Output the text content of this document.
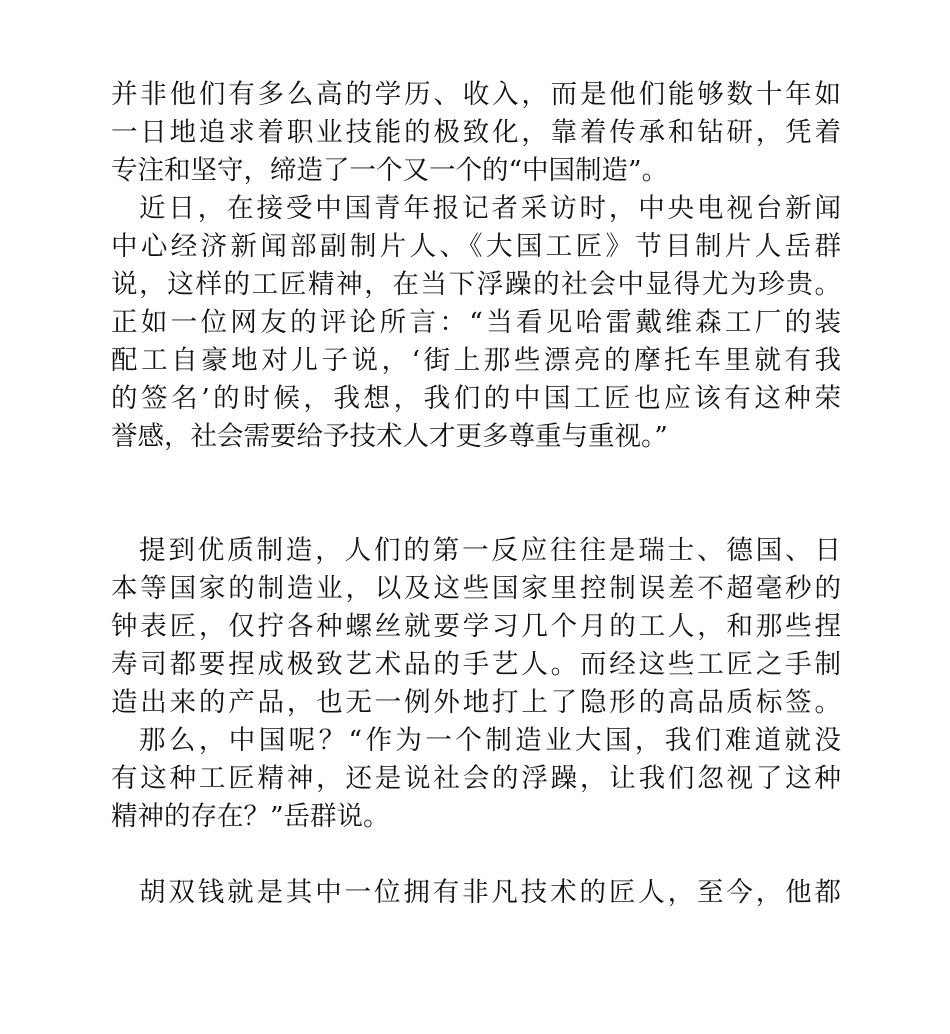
并非他们有多么高的学历、收入，而是他们能够数十年如
一日地追求着职业技能的极致化，靠着传承和钻研，凭着
专注和坚守，缔造了一个又一个的“中国制造”。
近日，在接受中国青年报记者采访时，中央电视台新闻
中心经济新闻部副制片人、《大国工匠》节目制片人岳群
说，这样的工匠精神，在当下浮躁的社会中显得尤为珍贵。
正如一位网友的评论所言：“当看见哈雷戴维森工厂的装
配工自豪地对儿子说，‘街上那些漂亮的摩托车里就有我
的签名’的时候，我想，我们的中国工匠也应该有这种荣
誉感，社会需要给予技术人才更多尊重与重视。”
提到优质制造，人们的第一反应往往是瑞士、德国、日
本等国家的制造业，以及这些国家里控制误差不超毫秒的
钟表匠，仅拧各种螺丝就要学习几个月的工人，和那些捏
寿司都要捏成极致艺术品的手艺人。而经这些工匠之手制
造出来的产品，也无一例外地打上了隐形的高品质标签。
那么，中国呢？“作为一个制造业大国，我们难道就没
有这种工匠精神，还是说社会的浮躁，让我们忽视了这种
精神的存在？”岳群说。
胡双钱就是其中一位拥有非凡技术的匠人，至今，他都
